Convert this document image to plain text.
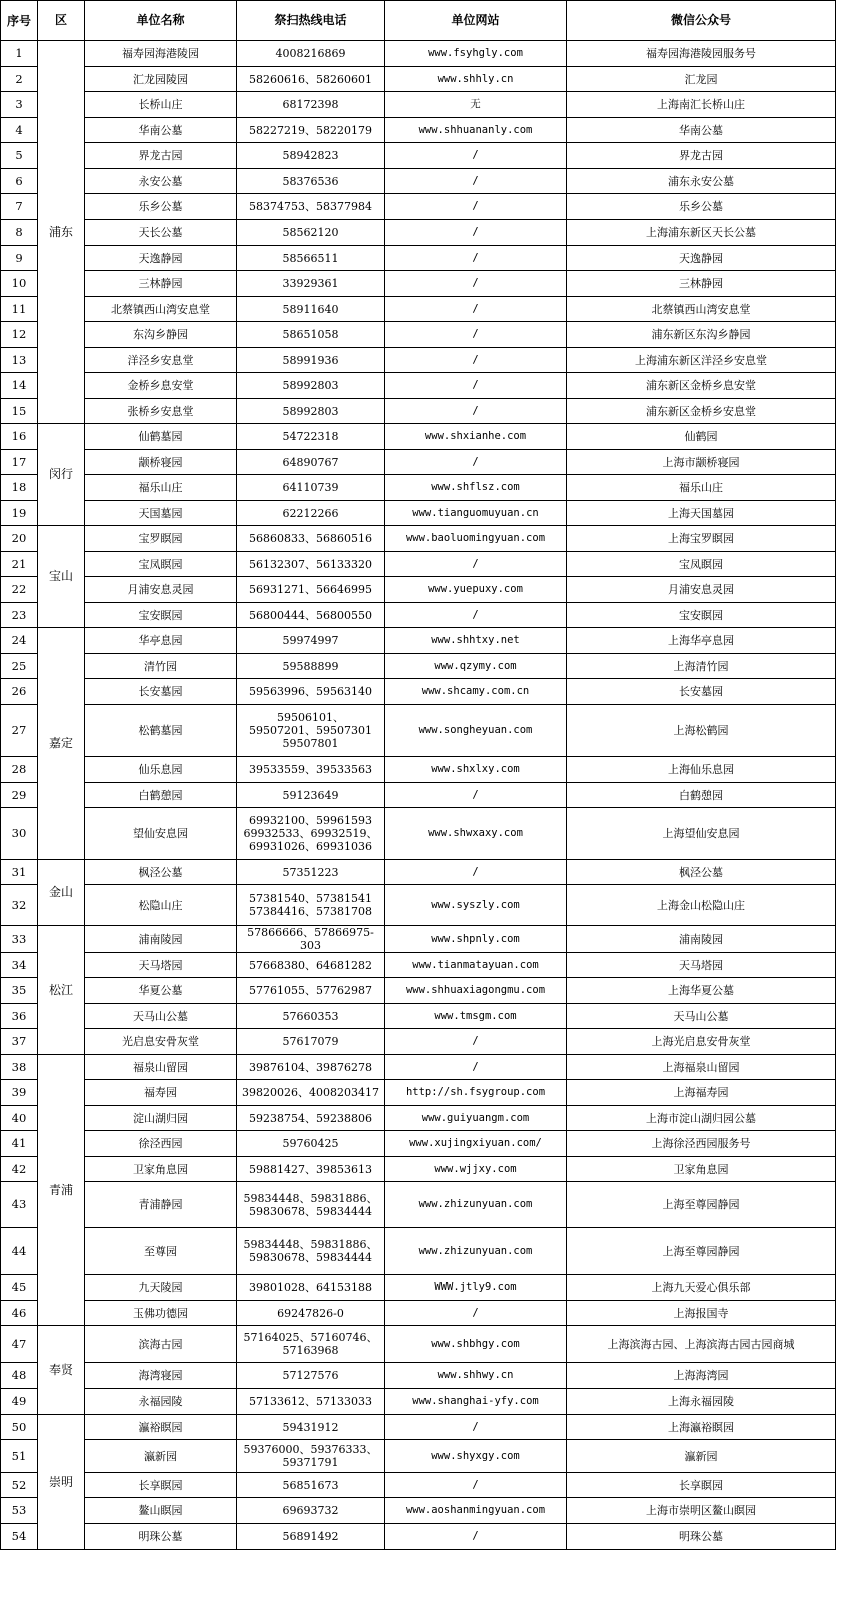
序号	区	单位名称	祭扫热线电话	单位网站	微信公众号
1	浦东	福寿园海港陵园	4008216869	www.fsyhgly.com	福寿园海港陵园服务号
2		汇龙园陵园	58260616、58260601	www.shhly.cn	汇龙园
3		长桥山庄	68172398	无	上海南汇长桥山庄
4		华南公墓	58227219、58220179	www.shhuananly.com	华南公墓
5		界龙古园	58942823	/	界龙古园
6		永安公墓	58376536	/	浦东永安公墓
7		乐乡公墓	58374753、58377984	/	乐乡公墓
8		天长公墓	58562120	/	上海浦东新区天长公墓
9		天逸静园	58566511	/	天逸静园
10		三林静园	33929361	/	三林静园
11		北蔡镇西山湾安息堂	58911640	/	北蔡镇西山湾安息堂
12		东沟乡静园	58651058	/	浦东新区东沟乡静园
13		洋泾乡安息堂	58991936	/	上海浦东新区洋泾乡安息堂
14		金桥乡息安堂	58992803	/	浦东新区金桥乡息安堂
15		张桥乡安息堂	58992803	/	浦东新区金桥乡安息堂
16	闵行	仙鹤墓园	54722318	www.shxianhe.com	仙鹤园
17		颛桥寝园	64890767	/	上海市颛桥寝园
18		福乐山庄	64110739	www.shflsz.com	福乐山庄
19		天国墓园	62212266	www.tianguomuyuan.cn	上海天国墓园
20	宝山	宝罗瞑园	56860833、56860516	www.baoluomingyuan.com	上海宝罗瞑园
21		宝凤瞑园	56132307、56133320	/	宝凤瞑园
22		月浦安息灵园	56931271、56646995	www.yuepuxy.com	月浦安息灵园
23		宝安瞑园	56800444、56800550	/	宝安瞑园
24	嘉定	华亭息园	59974997	www.shhtxy.net	上海华亭息园
25		清竹园	59588899	www.qzymy.com	上海清竹园
26		长安墓园	59563996、59563140	www.shcamy.com.cn	长安墓园
27		松鹤墓园	59506101、
59507201、59507301
59507801	www.songheyuan.com	上海松鹤园
28		仙乐息园	39533559、39533563	www.shxlxy.com	上海仙乐息园
29		白鹤憩园	59123649	/	白鹤憩园
30		望仙安息园	69932100、59961593
69932533、69932519、
69931026、69931036	www.shwxaxy.com	上海望仙安息园
31	金山	枫泾公墓	57351223	/	枫泾公墓
32		松隐山庄	57381540、57381541
57384416、57381708	www.syszly.com	上海金山松隐山庄
33	松江	浦南陵园	57866666、57866975-303	www.shpnly.com	浦南陵园
34		天马塔园	57668380、64681282	www.tianmatayuan.com	天马塔园
35		华夏公墓	57761055、57762987	www.shhuaxiagongmu.com	上海华夏公墓
36		天马山公墓	57660353	www.tmsgm.com	天马山公墓
37		光启息安骨灰堂	57617079	/	上海光启息安骨灰堂
38	青浦	福泉山留园	39876104、39876278	/	上海福泉山留园
39		福寿园	39820026、4008203417	http://sh.fsygroup.com	上海福寿园
40		淀山湖归园	59238754、59238806	www.guiyuangm.com	上海市淀山湖归园公墓
41		徐泾西园	59760425	www.xujingxiyuan.com/	上海徐泾西园服务号
42		卫家角息园	59881427、39853613	www.wjjxy.com	卫家角息园
43		青浦静园	59834448、59831886、
59830678、59834444	www.zhizunyuan.com	上海至尊园静园
44		至尊园	59834448、59831886、
59830678、59834444	www.zhizunyuan.com	上海至尊园静园
45		九天陵园	39801028、64153188	WWW.jtly9.com	上海九天爱心俱乐部
46		玉佛功德园	69247826-0	/	上海报国寺
47	奉贤	滨海古园	57164025、57160746、
57163968	www.shbhgy.com	上海滨海古园、上海滨海古园古园商城
48		海湾寝园	57127576	www.shhwy.cn	上海海湾园
49		永福园陵	57133612、57133033	www.shanghai-yfy.com	上海永福园陵
50	崇明	瀛裕瞑园	59431912	/	上海瀛裕瞑园
51		瀛新园	59376000、59376333、
59371791	www.shyxgy.com	瀛新园
52		长享瞑园	56851673	/	长享瞑园
53		鳌山瞑园	69693732	www.aoshanmingyuan.com	上海市崇明区鳌山瞑园
54		明珠公墓	56891492	/	明珠公墓
